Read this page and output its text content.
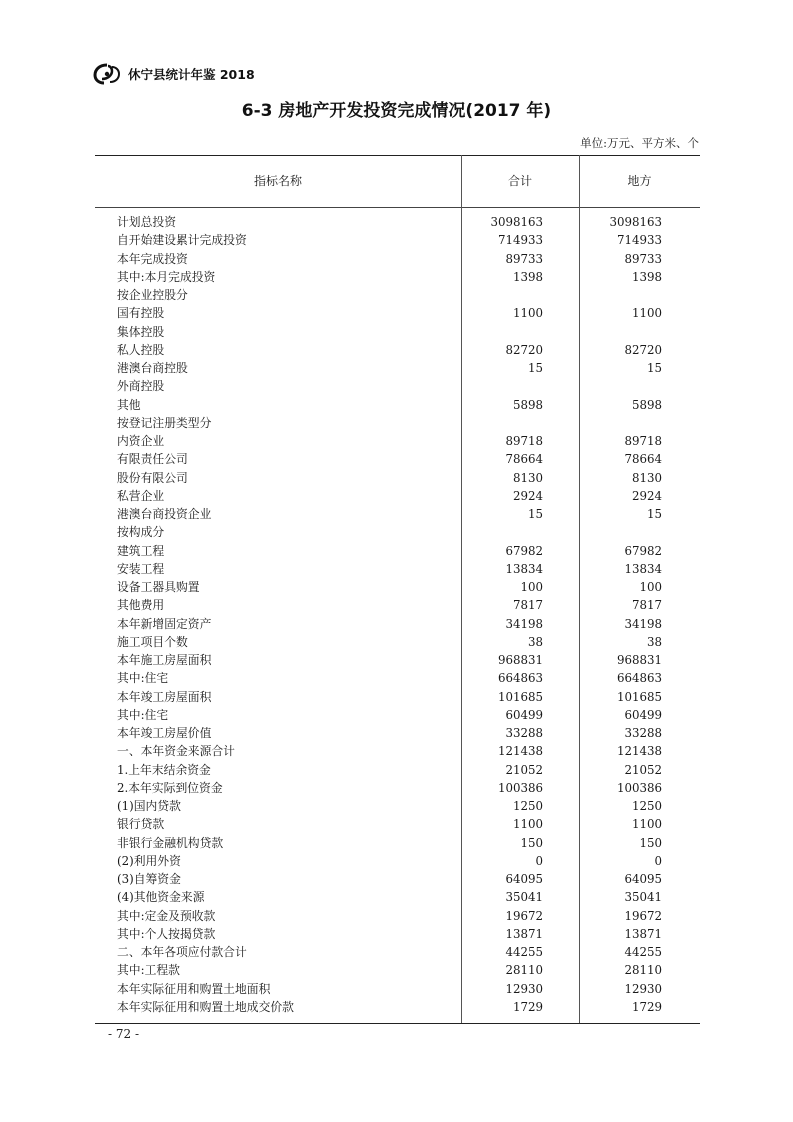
休宁县统计年鉴 2018
6-3 房地产开发投资完成情况(2017 年)
单位:万元、平方米、个
指标名称	合计	地方
计划总投资	3098163	3098163
自开始建设累计完成投资	714933	714933
本年完成投资	89733	89733
其中:本月完成投资	1398	1398
按企业控股分
国有控股	1100	1100
集体控股
私人控股	82720	82720
港澳台商控股	15	15
外商控股
其他	5898	5898
按登记注册类型分
内资企业	89718	89718
有限责任公司	78664	78664
股份有限公司	8130	8130
私营企业	2924	2924
港澳台商投资企业	15	15
按构成分
建筑工程	67982	67982
安装工程	13834	13834
设备工器具购置	100	100
其他费用	7817	7817
本年新增固定资产	34198	34198
施工项目个数	38	38
本年施工房屋面积	968831	968831
其中:住宅	664863	664863
本年竣工房屋面积	101685	101685
其中:住宅	60499	60499
本年竣工房屋价值	33288	33288
一、本年资金来源合计	121438	121438
1.上年末结余资金	21052	21052
2.本年实际到位资金	100386	100386
(1)国内贷款	1250	1250
银行贷款	1100	1100
非银行金融机构贷款	150	150
(2)利用外资	0	0
(3)自筹资金	64095	64095
(4)其他资金来源	35041	35041
其中:定金及预收款	19672	19672
其中:个人按揭贷款	13871	13871
二、本年各项应付款合计	44255	44255
其中:工程款	28110	28110
本年实际征用和购置土地面积	12930	12930
本年实际征用和购置土地成交价款	1729	1729
- 72 -
